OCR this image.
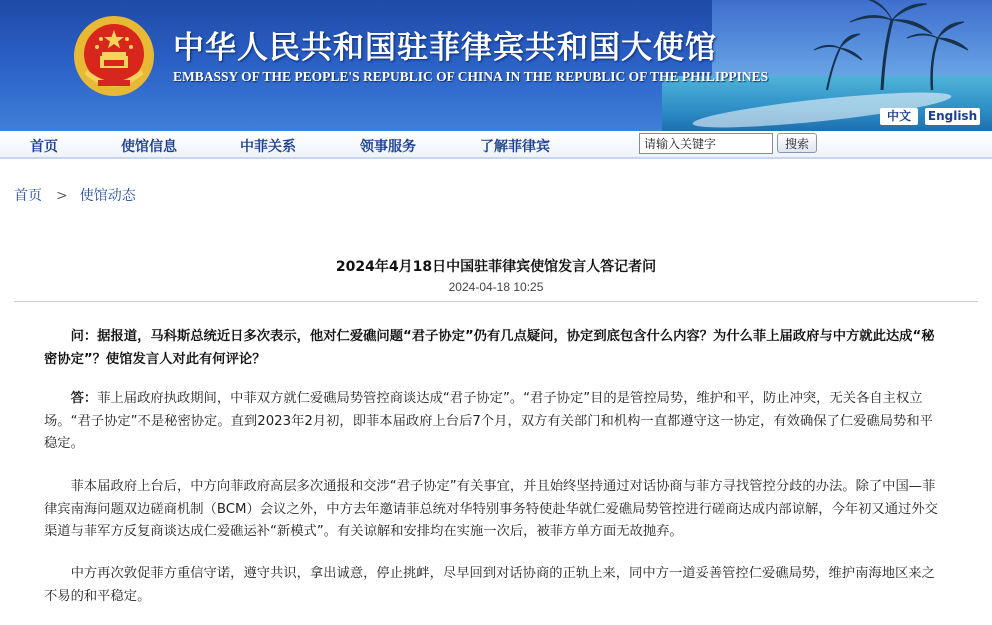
中华人民共和国驻菲律宾共和国大使馆
EMBASSY OF THE PEOPLE'S REPUBLIC OF CHINA IN THE REPUBLIC OF THE PHILIPPINES
中文	English
首页	使馆信息	中菲关系	领事服务	了解菲律宾
请输入关键字	搜索
首页 > 使馆动态
2024年4月18日中国驻菲律宾使馆发言人答记者问
2024-04-18 10:25
问：据报道，马科斯总统近日多次表示，他对仁爱礁问题“君子协定”仍有几点疑问，协定到底包含什么内容？为什么菲上届政府与中方就此达成“秘密协定”？使馆发言人对此有何评论？
答：菲上届政府执政期间，中菲双方就仁爱礁局势管控商谈达成“君子协定”。“君子协定”目的是管控局势，维护和平，防止冲突，无关各自主权立场。“君子协定”不是秘密协定。直到2023年2月初，即菲本届政府上台后7个月，双方有关部门和机构一直都遵守这一协定，有效确保了仁爱礁局势和平稳定。
菲本届政府上台后，中方向菲政府高层多次通报和交涉“君子协定”有关事宜，并且始终坚持通过对话协商与菲方寻找管控分歧的办法。除了中国—菲律宾南海问题双边磋商机制（BCM）会议之外，中方去年邀请菲总统对华特别事务特使赴华就仁爱礁局势管控进行磋商达成内部谅解，今年初又通过外交渠道与菲军方反复商谈达成仁爱礁运补“新模式”。有关谅解和安排均在实施一次后，被菲方单方面无故抛弃。
中方再次敦促菲方重信守诺，遵守共识，拿出诚意，停止挑衅，尽早回到对话协商的正轨上来，同中方一道妥善管控仁爱礁局势，维护南海地区来之不易的和平稳定。
